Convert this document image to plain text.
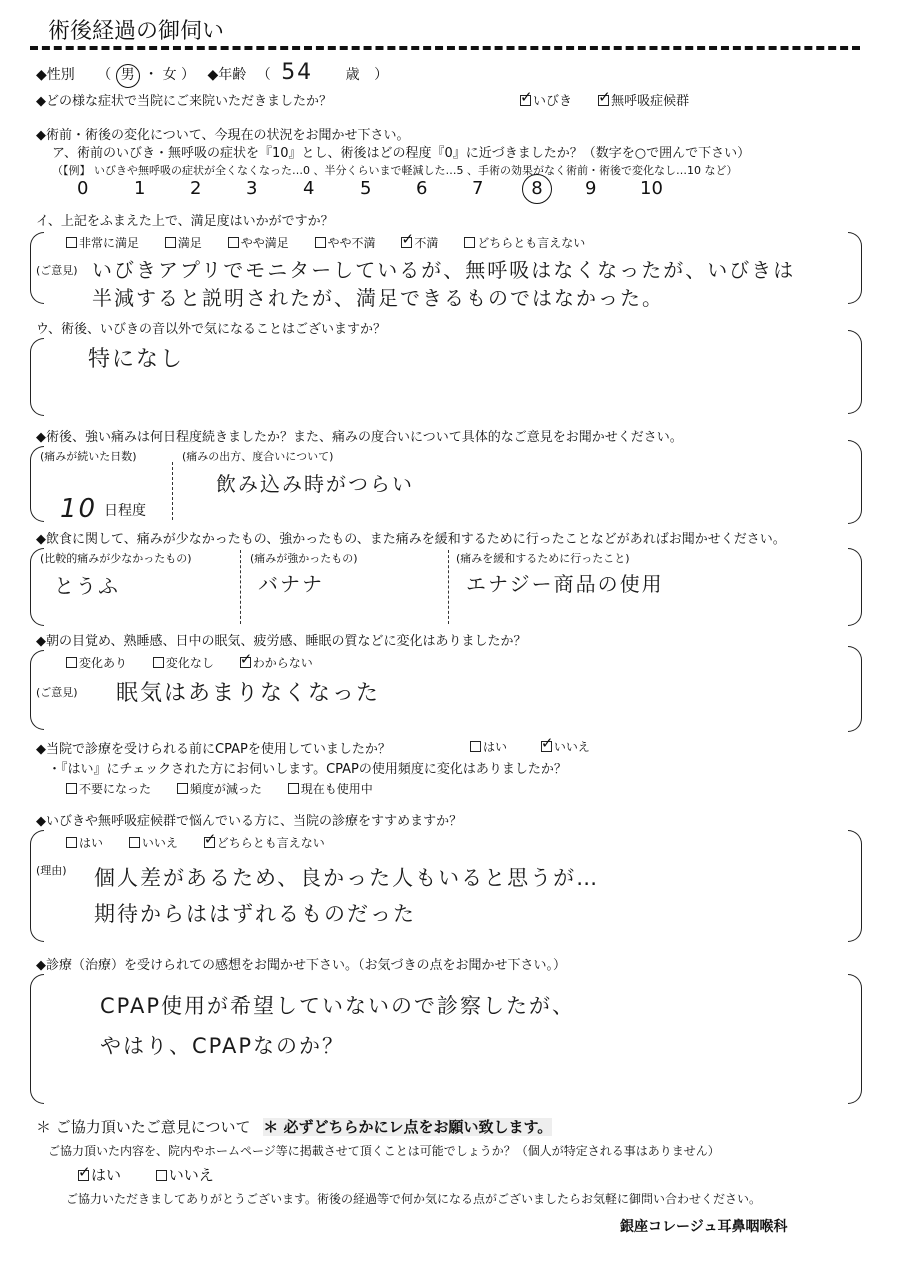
術後経過の御伺い
◆性別 （ 男 ・ 女 ） ◆年齢 （ 54 歳 ）
◆どの様な症状で当院にご来院いただきましたか？ ✓	いびき ✓	無呼吸症候群
◆術前・術後の変化について、今現在の状況をお聞かせ下さい。
ア、術前のいびき・無呼吸の症状を『10』とし、術後はどの程度『0』に近づきましたか？（数字を○で囲んで下さい）
（【例】 いびきや無呼吸の症状が全くなくなった…0 、半分くらいまで軽減した…5 、手術の効果がなく術前・術後で変化なし…10 など）
0	1 2 3	4	5 6 7	8	9 10
イ、上記をふまえた上で、満足度はいかがですか？
非常に満足	満足	やや満足	やや不満 ✓	不満	どちらとも言えない
(ご意見) いびきアプリでモニターしているが、無呼吸はなくなったが、いびきは
半減すると説明されたが、満足できるものではなかった。
ウ、術後、いびきの音以外で気になることはございますか？
特になし
◆術後、強い痛みは何日程度続きましたか？また、痛みの度合いについて具体的なご意見をお聞かせください。
(痛みが続いた日数)	(痛みの出方、度合いについて)
10 日程度
飲み込み時がつらい
◆飲食に関して、痛みが少なかったもの、強かったもの、また痛みを緩和するために行ったことなどがあればお聞かせください。
(比較的痛みが少なかったもの)	(痛みが強かったもの)	(痛みを緩和するために行ったこと)
とうふ	バナナ	エナジー商品の使用
◆朝の目覚め、熟睡感、日中の眠気、疲労感、睡眠の質などに変化はありましたか？
変化あり	変化なし ✓	わからない
(ご意見) 眠気はあまりなくなった
◆当院で診療を受けられる前にCPAPを使用していましたか？	はい ✓	いいえ
・『はい』にチェックされた方にお伺いします。CPAPの使用頻度に変化はありましたか？
不要になった	頻度が減った	現在も使用中
◆いびきや無呼吸症候群で悩んでいる方に、当院の診療をすすめますか？
はい	いいえ ✓	どちらとも言えない
(理由) 個人差があるため、良かった人もいると思うが…
期待からははずれるものだった
◆診療（治療）を受けられての感想をお聞かせ下さい。（お気づきの点をお聞かせ下さい。）
CPAP使用が希望していないので診察したが、
やはり、CPAPなのか？
＊ ご協力頂いたご意見について ＊ 必ずどちらかにレ点をお願い致します。
ご協力頂いた内容を、院内やホームページ等に掲載させて頂くことは可能でしょうか？（個人が特定される事はありません）
✓はい	いいえ
ご協力いただきましてありがとうございます。術後の経過等で何か気になる点がございましたらお気軽に御問い合わせください。
銀座コレージュ耳鼻咽喉科
